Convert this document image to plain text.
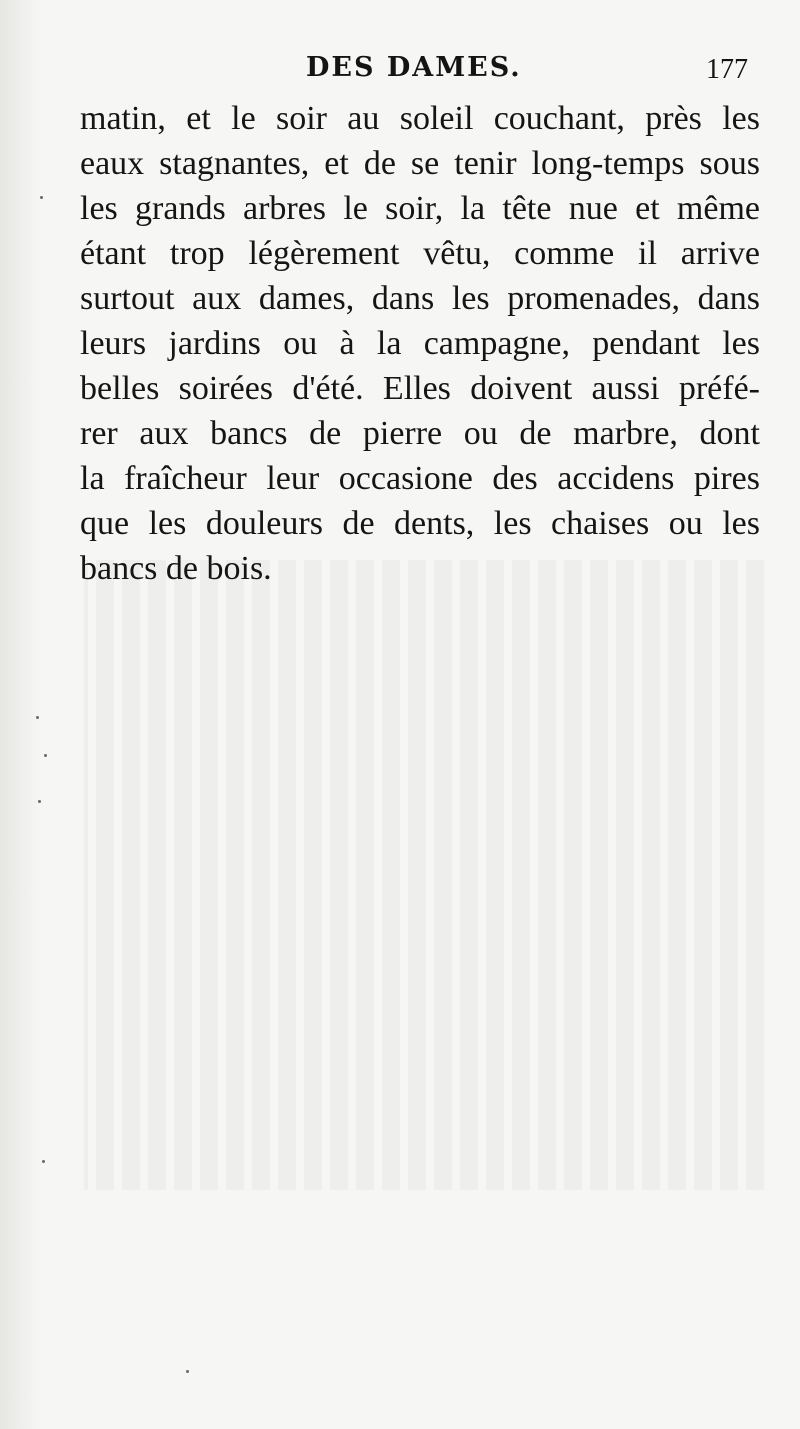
DES DAMES.	177
matin, et le soir au soleil couchant, près les
eaux stagnantes, et de se tenir long-temps sous
les grands arbres le soir, la tête nue et même
étant trop légèrement vêtu, comme il arrive
surtout aux dames, dans les promenades, dans
leurs jardins ou à la campagne, pendant les
belles soirées d'été. Elles doivent aussi préfé-
rer aux bancs de pierre ou de marbre, dont
la fraîcheur leur occasione des accidens pires
que les douleurs de dents, les chaises ou les
bancs de bois.
